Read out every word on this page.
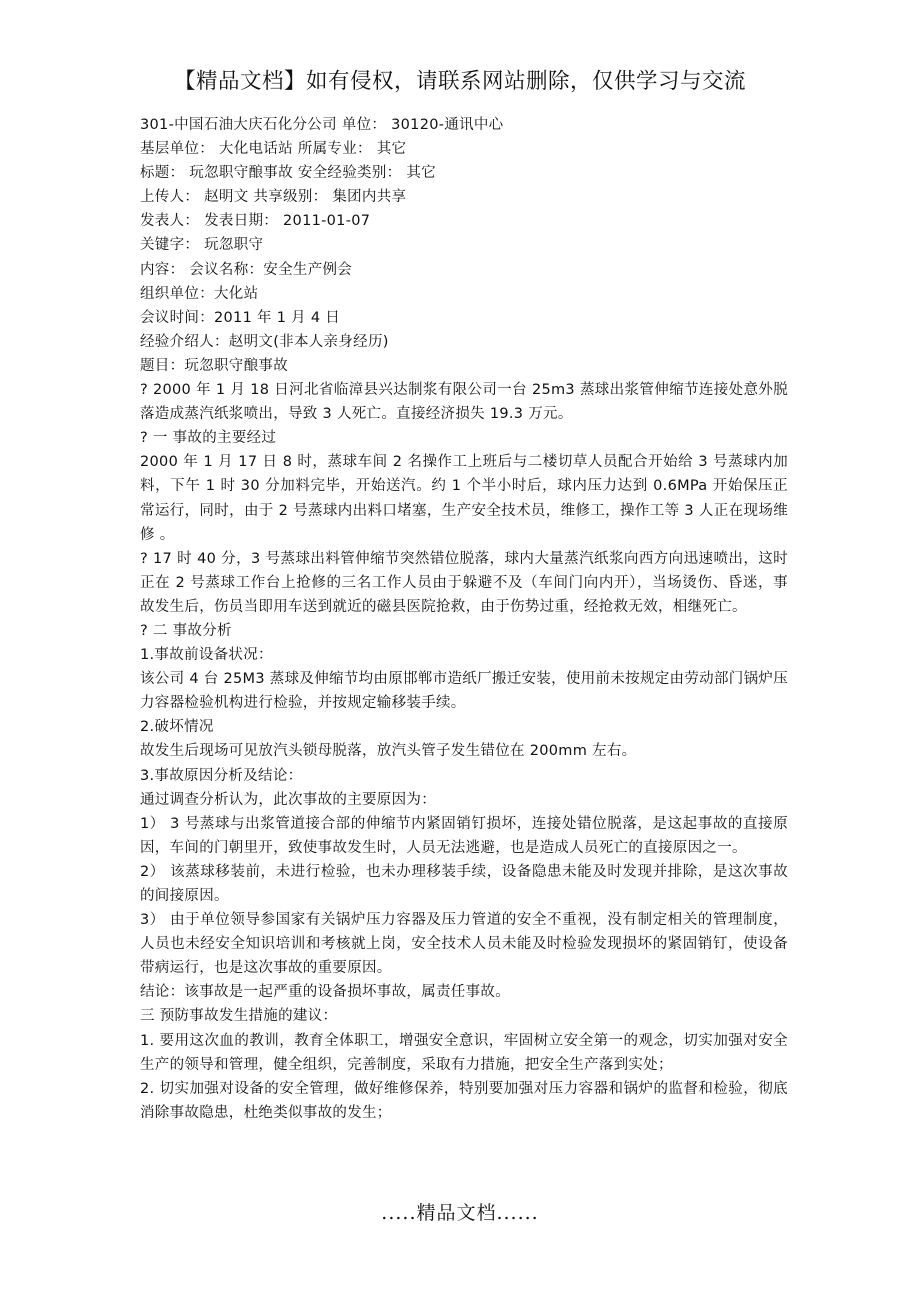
【精品文档】如有侵权，请联系网站删除，仅供学习与交流
301-中国石油大庆石化分公司 单位： 30120-通讯中心
基层单位： 大化电话站 所属专业： 其它
标题： 玩忽职守酿事故 安全经验类别： 其它
上传人： 赵明文 共享级别： 集团内共享
发表人： 发表日期： 2011-01-07
关键字： 玩忽职守
内容： 会议名称：安全生产例会
组织单位：大化站
会议时间：2011 年 1 月 4 日
经验介绍人：赵明文(非本人亲身经历)
题目：玩忽职守酿事故
? 2000 年 1 月 18 日河北省临漳县兴达制浆有限公司一台 25m3 蒸球出浆管伸缩节连接处意外脱落造成蒸汽纸浆喷出，导致 3 人死亡。直接经济损失 19.3 万元。
? 一 事故的主要经过
2000 年 1 月 17 日 8 时，蒸球车间 2 名操作工上班后与二楼切草人员配合开始给 3 号蒸球内加料，下午 1 时 30 分加料完毕，开始送汽。约 1 个半小时后，球内压力达到 0.6MPa 开始保压正常运行，同时，由于 2 号蒸球内出料口堵塞，生产安全技术员，维修工，操作工等 3 人正在现场维修 。
? 17 时 40 分，3 号蒸球出料管伸缩节突然错位脱落，球内大量蒸汽纸浆向西方向迅速喷出，这时正在 2 号蒸球工作台上抢修的三名工作人员由于躲避不及（车间门向内开），当场烫伤、昏迷，事故发生后，伤员当即用车送到就近的磁县医院抢救，由于伤势过重，经抢救无效，相继死亡。
? 二 事故分析
1.事故前设备状况：
该公司 4 台 25M3 蒸球及伸缩节均由原邯郸市造纸厂搬迁安装，使用前未按规定由劳动部门锅炉压力容器检验机构进行检验，并按规定输移装手续。
2.破坏情况
故发生后现场可见放汽头锁母脱落，放汽头管子发生错位在 200mm 左右。
3.事故原因分析及结论：
通过调查分析认为，此次事故的主要原因为：
1） 3 号蒸球与出浆管道接合部的伸缩节内紧固销钉损坏，连接处错位脱落，是这起事故的直接原因，车间的门朝里开，致使事故发生时，人员无法逃避，也是造成人员死亡的直接原因之一。
2） 该蒸球移装前，未进行检验，也未办理移装手续，设备隐患未能及时发现并排除，是这次事故的间接原因。
3） 由于单位领导参国家有关锅炉压力容器及压力管道的安全不重视，没有制定相关的管理制度，人员也未经安全知识培训和考核就上岗，安全技术人员未能及时检验发现损坏的紧固销钉，使设备带病运行，也是这次事故的重要原因。
结论：该事故是一起严重的设备损坏事故，属责任事故。
三 预防事故发生措施的建议：
1. 要用这次血的教训，教育全体职工，增强安全意识，牢固树立安全第一的观念，切实加强对安全生产的领导和管理，健全组织，完善制度，采取有力措施，把安全生产落到实处；
2. 切实加强对设备的安全管理，做好维修保养，特别要加强对压力容器和锅炉的监督和检验，彻底消除事故隐患，杜绝类似事故的发生；
.....精品文档......
